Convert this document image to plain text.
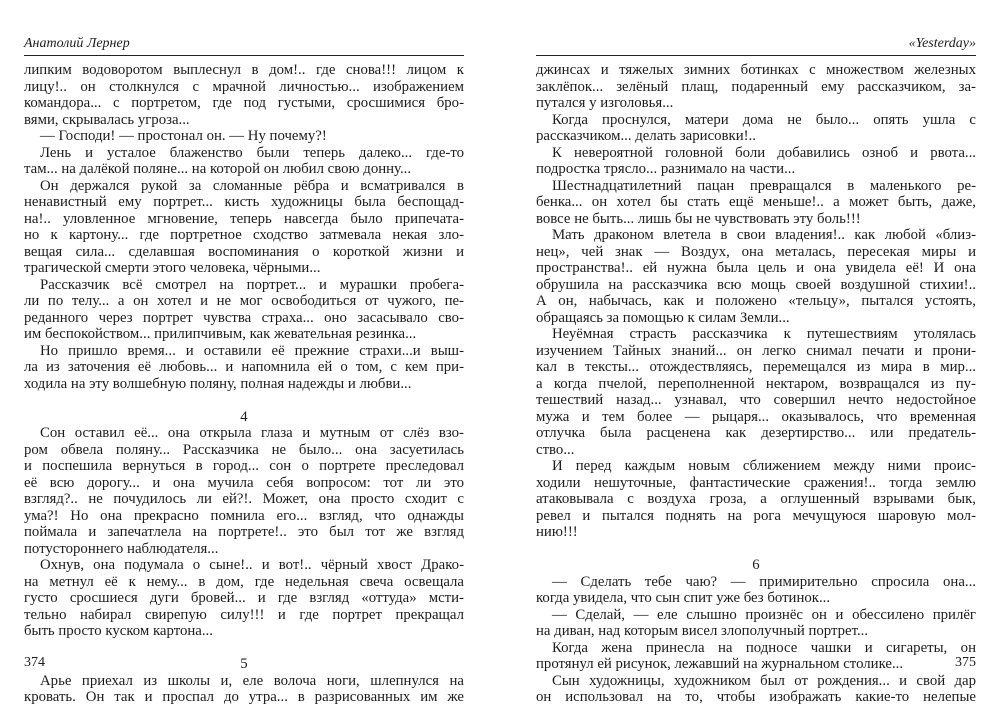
Анатолий Лернер
липким водоворотом выплеснул в дом!.. где снова!!! лицом к
лицу!.. он столкнулся с мрачной личностью... изображением
командора... с портретом, где под густыми, сросшимися бро-
вями, скрывалась угроза...
— Господи! — простонал он. — Ну почему?!
Лень и усталое блаженство были теперь далеко... где-то
там... на далёкой поляне... на которой он любил свою донну...
Он держался рукой за сломанные рёбра и всматривался в
ненавистный ему портрет... кисть художницы была беспощад-
на!.. уловленное мгновение, теперь навсегда было припечата-
но к картону... где портретное сходство затмевала некая зло-
вещая сила... сделавшая воспоминания о короткой жизни и
трагической смерти этого человека, чёрными...
Рассказчик всё смотрел на портрет... и мурашки пробега-
ли по телу... а он хотел и не мог освободиться от чужого, пе-
реданного через портрет чувства страха... оно засасывало сво-
им беспокойством... прилипчивым, как жевательная резинка...
Но пришло время... и оставили её прежние страхи...и выш-
ла из заточения её любовь... и напомнила ей о том, с кем при-
ходила на эту волшебную поляну, полная надежды и любви...
4
Сон оставил её... она открыла глаза и мутным от слёз взо-
ром обвела поляну... Рассказчика не было... она засуетилась
и поспешила вернуться в город... сон о портрете преследовал
её всю дорогу... и она мучила себя вопросом: тот ли это
взгляд?.. не почудилось ли ей?!. Может, она просто сходит с
ума?! Но она прекрасно помнила его... взгляд, что однажды
поймала и запечатлела на портрете!.. это был тот же взгляд
потустороннего наблюдателя...
Охнув, она подумала о сыне!.. и вот!.. чёрный хвост Драко-
на метнул её к нему... в дом, где недельная свеча освещала
густо сросшиеся дуги бровей... и где взгляд «оттуда» мсти-
тельно набирал свирепую силу!!! и где портрет прекращал
быть просто куском картона...
5
Арье приехал из школы и, еле волоча ноги, шлепнулся на
кровать. Он так и проспал до утра... в разрисованных им же
374
«Yesterday»
джинсах и тяжелых зимних ботинках с множеством железных
заклёпок... зелёный плащ, подаренный ему рассказчиком, за-
путался у изголовья...
Когда проснулся, матери дома не было... опять ушла с
рассказчиком... делать зарисовки!..
К невероятной головной боли добавились озноб и рвота...
подростка трясло... разнимало на части...
Шестнадцатилетний пацан превращался в маленького ре-
бенка... он хотел бы стать ещё меньше!.. а может быть, даже,
вовсе не быть... лишь бы не чувствовать эту боль!!!
Мать драконом влетела в свои владения!.. как любой «близ-
нец», чей знак — Воздух, она металась, пересекая миры и
пространства!.. ей нужна была цель и она увидела её! И она
обрушила на рассказчика всю мощь своей воздушной стихии!..
А он, набычась, как и положено «тельцу», пытался устоять,
обращаясь за помощью к силам Земли...
Неуёмная страсть рассказчика к путешествиям утолялась
изучением Тайных знаний... он легко снимал печати и прони-
кал в тексты... отождествляясь, перемещался из мира в мир...
а когда пчелой, переполненной нектаром, возвращался из пу-
тешествий назад... узнавал, что совершил нечто недостойное
мужа и тем более — рыцаря... оказывалось, что временная
отлучка была расценена как дезертирство... или предатель-
ство...
И перед каждым новым сближением между ними проис-
ходили нешуточные, фантастические сражения!.. тогда землю
атаковывала с воздуха гроза, а оглушенный взрывами бык,
ревел и пытался поднять на рога мечущуюся шаровую мол-
нию!!!
6
— Сделать тебе чаю? — примирительно спросила она...
когда увидела, что сын спит уже без ботинок...
— Сделай, — еле слышно произнёс он и обессилено прилёг
на диван, над которым висел злополучный портрет...
Когда жена принесла на подносе чашки и сигареты, он
протянул ей рисунок, лежавший на журнальном столике...
Сын художницы, художником был от рождения... и свой дар
он использовал на то, чтобы изображать какие-то нелепые
375
